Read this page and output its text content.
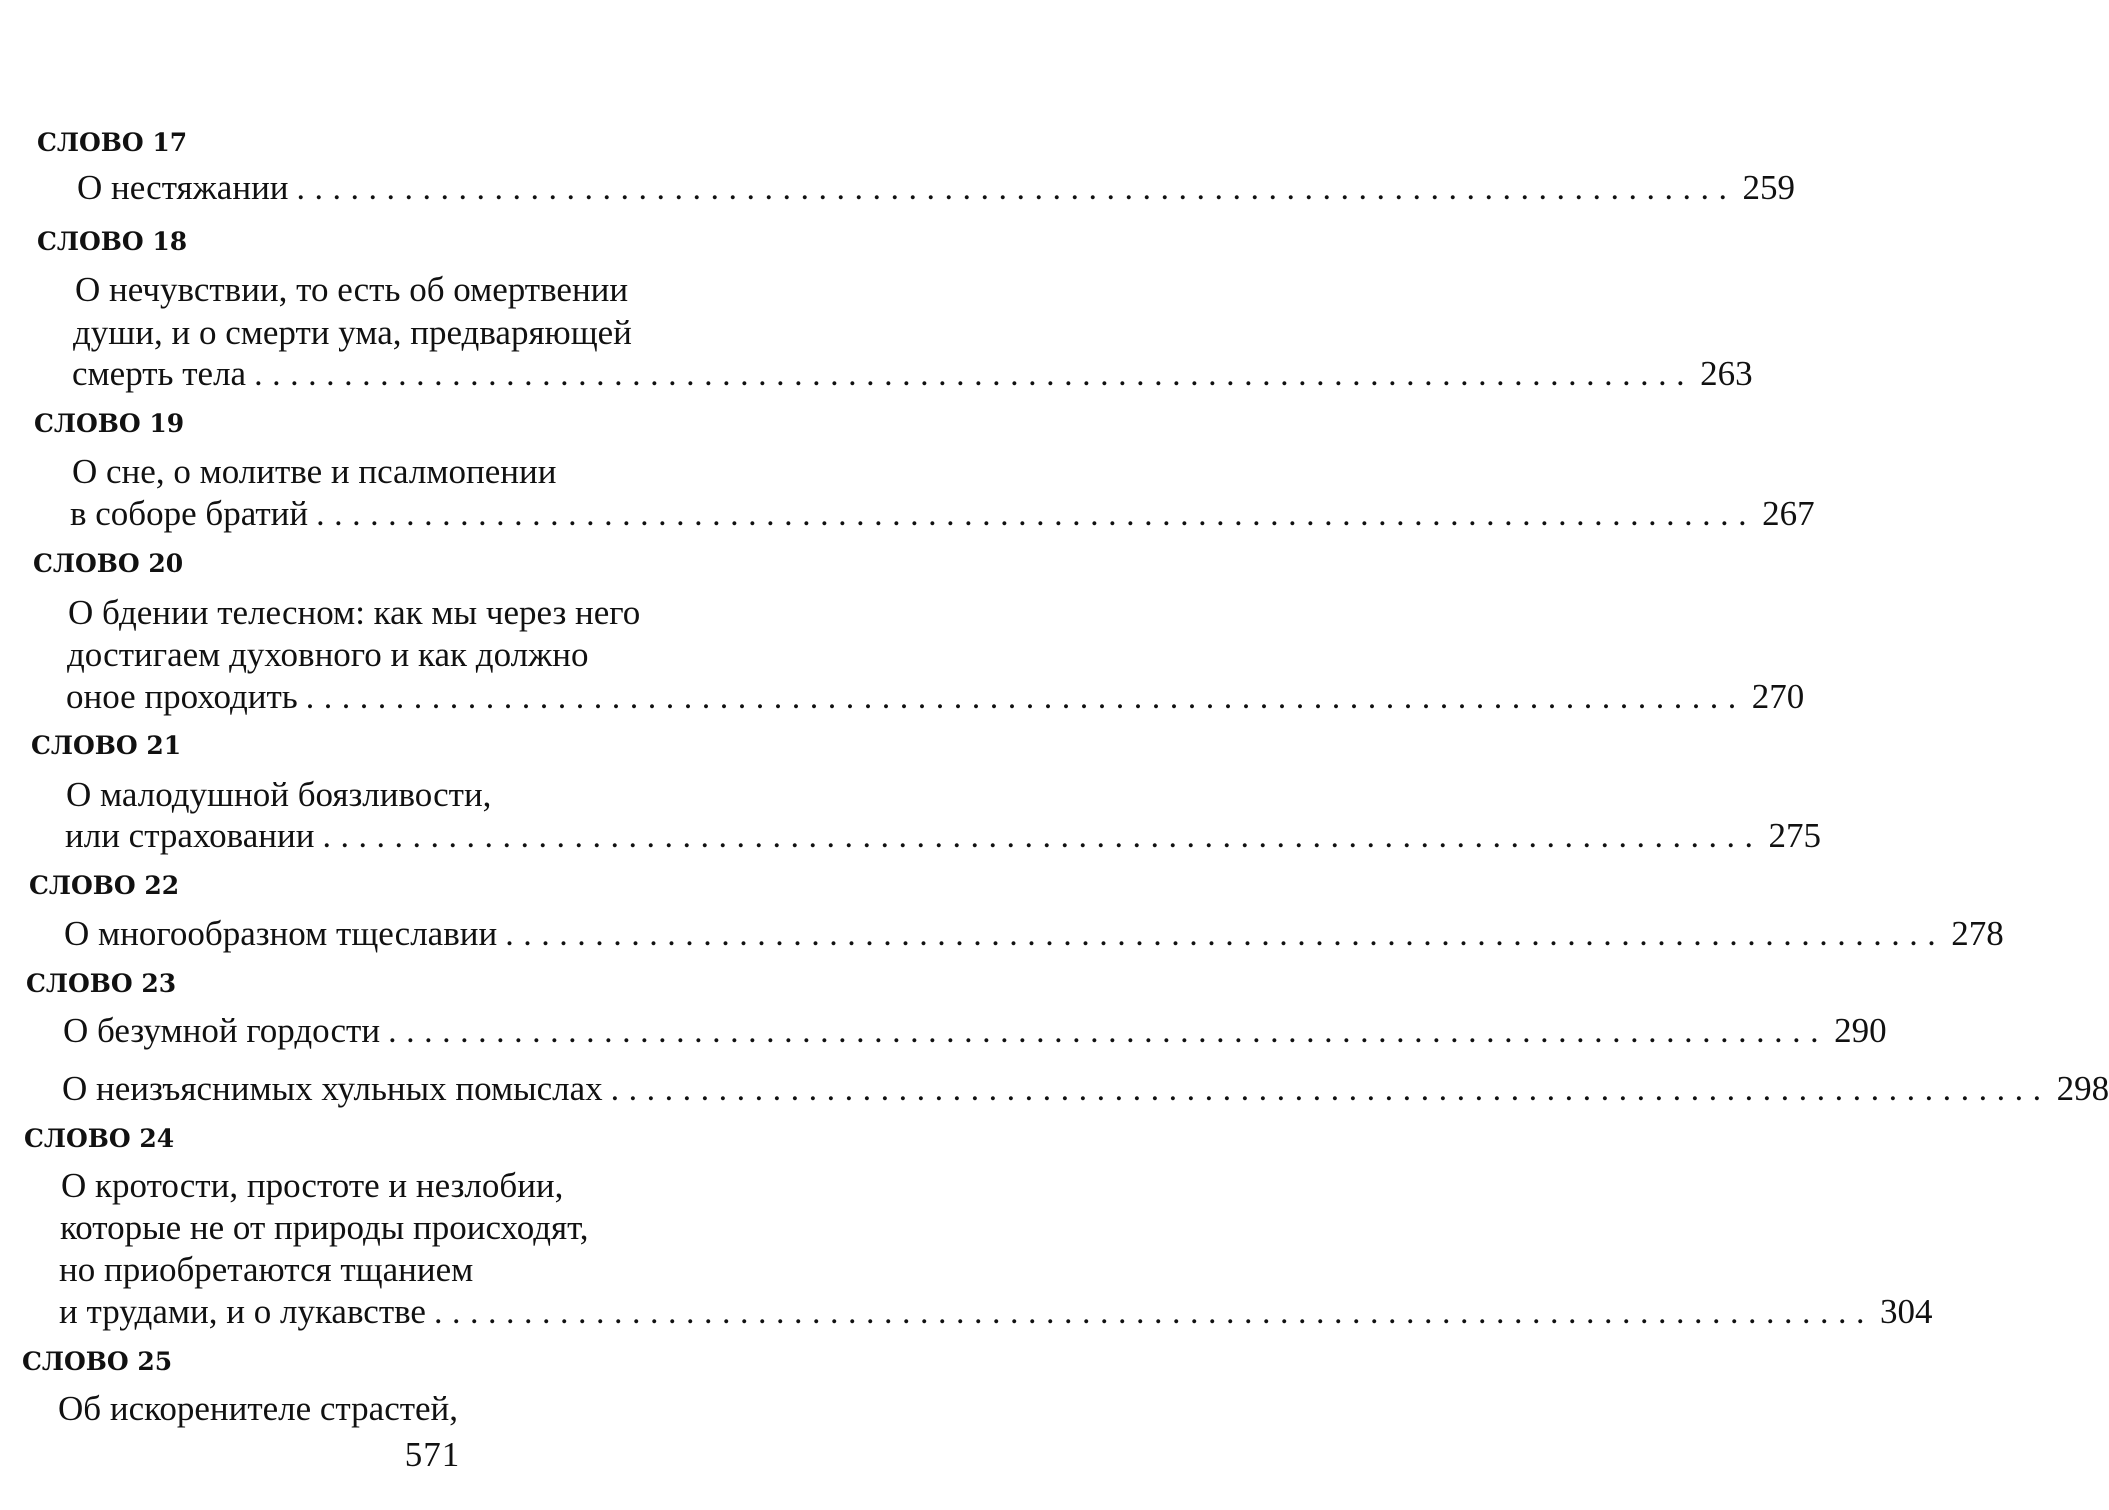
СЛОВО 17
О нестяжании ................................................................................ 259
СЛОВО 18
О нечувствии, то есть об омертвении
души, и о смерти ума, предваряющей
смерть тела ................................................................................ 263
СЛОВО 19
О сне, о молитве и псалмопении
в соборе братий ................................................................................ 267
СЛОВО 20
О бдении телесном: как мы через него
достигаем духовного и как должно
оное проходить ................................................................................ 270
СЛОВО 21
О малодушной боязливости,
или страховании ................................................................................ 275
СЛОВО 22
О многообразном тщеславии ................................................................................ 278
СЛОВО 23
О безумной гордости ................................................................................ 290
О неизъяснимых хульных помыслах ................................................................................ 298
СЛОВО 24
О кротости, простоте и незлобии,
которые не от природы происходят,
но приобретаются тщанием
и трудами, и о лукавстве ................................................................................ 304
СЛОВО 25
Об искоренителе страстей,
571
